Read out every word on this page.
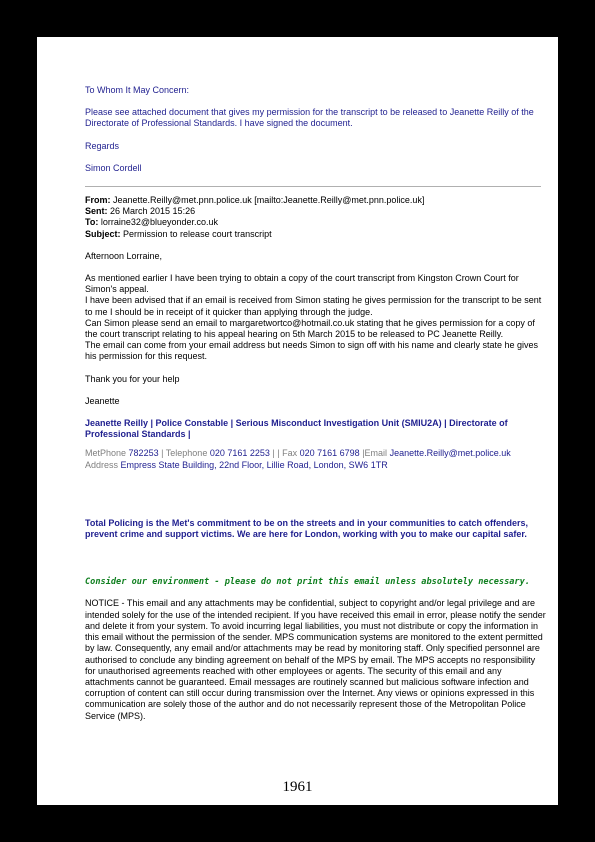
To Whom It May Concern:

Please see attached document that gives my permission for the transcript to be released to Jeanette Reilly of the Directorate of Professional Standards. I have signed the document.

Regards

Simon Cordell

From: Jeanette.Reilly@met.pnn.police.uk [mailto:Jeanette.Reilly@met.pnn.police.uk]

Sent: 26 March 2015 15:26

To: lorraine32@blueyonder.co.uk

Subject: Permission to release court transcript

Afternoon Lorraine,

As mentioned earlier I have been trying to obtain a copy of the court transcript from Kingston Crown Court for Simon's appeal.

I have been advised that if an email is received from Simon stating he gives permission for the transcript to be sent to me I should be in receipt of it quicker than applying through the judge.

Can Simon please send an email to margaretwortco@hotmail.co.uk stating that he gives permission for a copy of the court transcript relating to his appeal hearing on 5th March 2015 to be released to PC Jeanette Reilly.

The email can come from your email address but needs Simon to sign off with his name and clearly state he gives his permission for this request.

Thank you for your help

Jeanette

Jeanette Reilly | Police Constable | Serious Misconduct Investigation Unit (SMIU2A) | Directorate of Professional Standards |

MetPhone 782253 | Telephone 020 7161 2253 | | Fax 020 7161 6798 |Email Jeanette.Reilly@met.police.uk

Address Empress State Building, 22nd Floor, Lillie Road, London, SW6 1TR

Total Policing is the Met's commitment to be on the streets and in your communities to catch offenders, prevent crime and support victims. We are here for London, working with you to make our capital safer.

Consider our environment - please do not print this email unless absolutely necessary.

NOTICE - This email and any attachments may be confidential, subject to copyright and/or legal privilege and are intended solely for the use of the intended recipient. If you have received this email in error, please notify the sender and delete it from your system. To avoid incurring legal liabilities, you must not distribute or copy the information in this email without the permission of the sender. MPS communication systems are monitored to the extent permitted by law. Consequently, any email and/or attachments may be read by monitoring staff. Only specified personnel are authorised to conclude any binding agreement on behalf of the MPS by email. The MPS accepts no responsibility for unauthorised agreements reached with other employees or agents. The security of this email and any attachments cannot be guaranteed. Email messages are routinely scanned but malicious software infection and corruption of content can still occur during transmission over the Internet. Any views or opinions expressed in this communication are solely those of the author and do not necessarily represent those of the Metropolitan Police Service (MPS).

1961
